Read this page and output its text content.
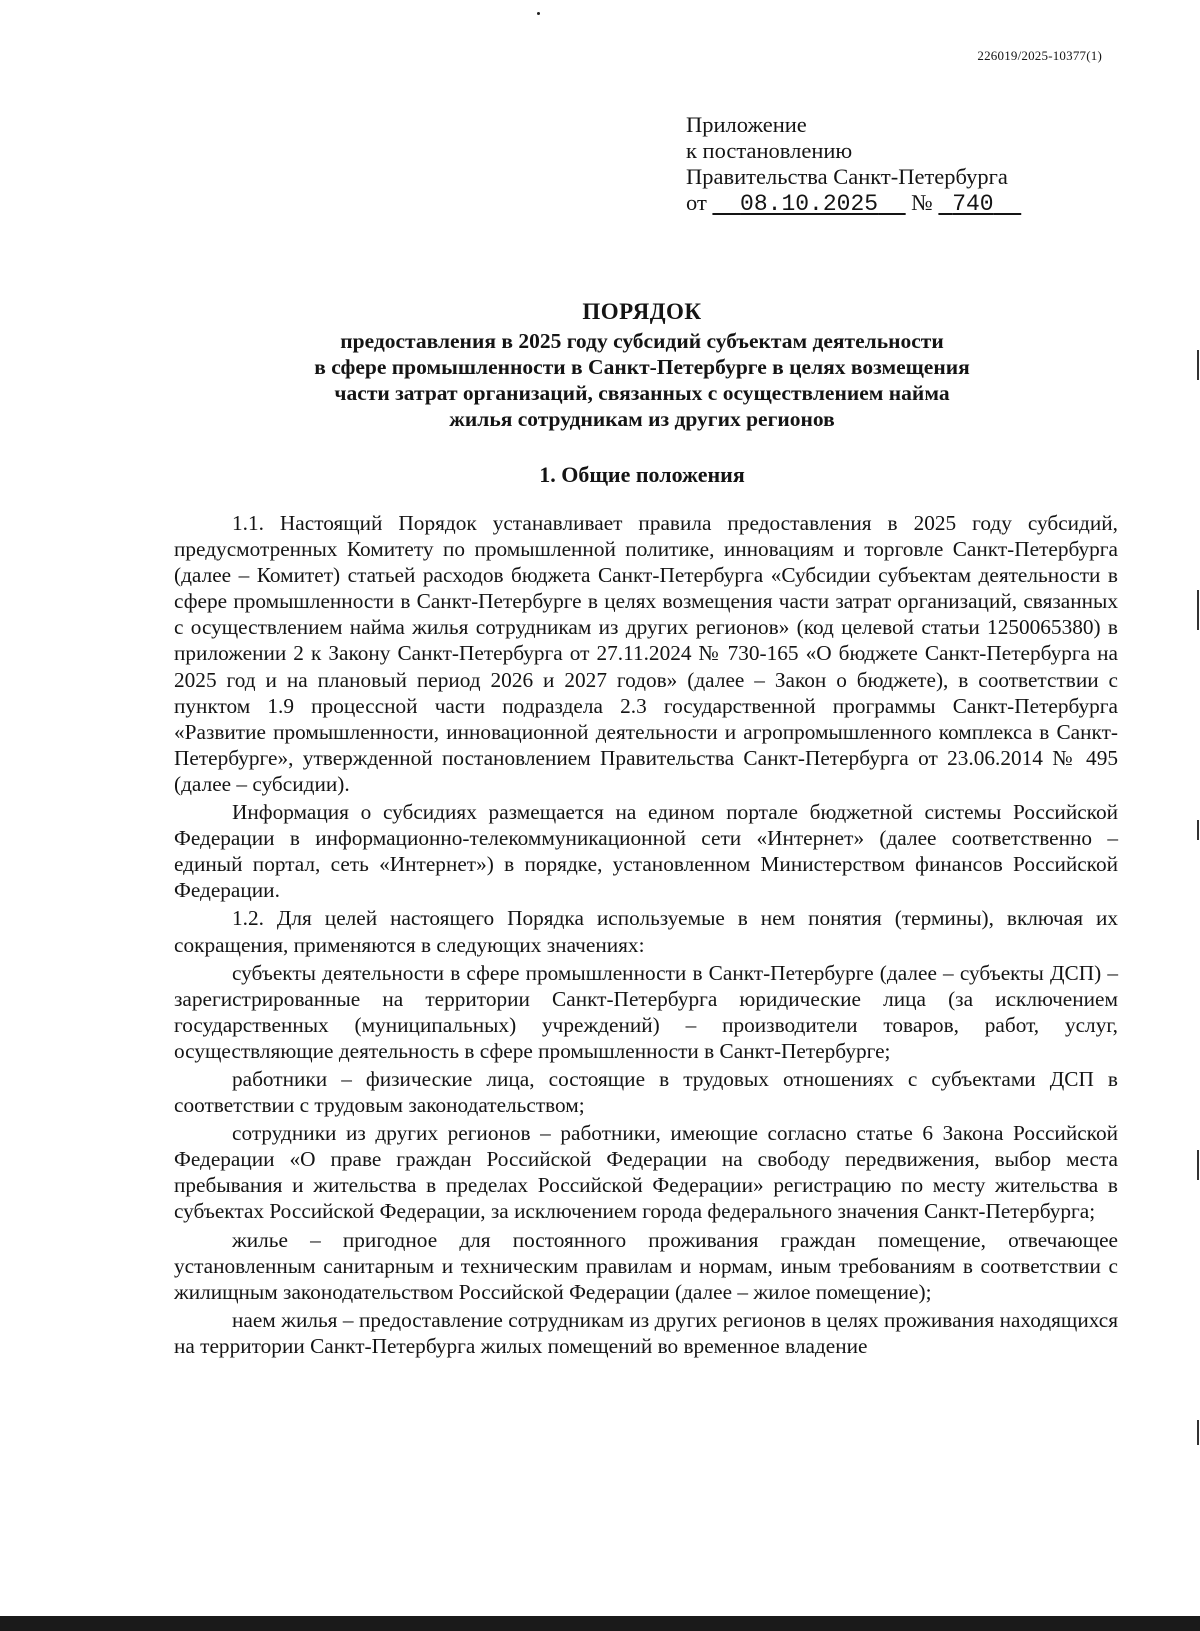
226019/2025-10377(1)
Приложение
к постановлению
Правительства Санкт-Петербурга
от 08.10.2025 № 740
ПОРЯДОК
предоставления в 2025 году субсидий субъектам деятельности
в сфере промышленности в Санкт-Петербурге в целях возмещения
части затрат организаций, связанных с осуществлением найма
жилья сотрудникам из других регионов
1. Общие положения

1.1. Настоящий Порядок устанавливает правила предоставления в 2025 году субсидий, предусмотренных Комитету по промышленной политике, инновациям и торговле Санкт-Петербурга (далее – Комитет) статьей расходов бюджета Санкт-Петербурга «Субсидии субъектам деятельности в сфере промышленности в Санкт-Петербурге в целях возмещения части затрат организаций, связанных с осуществлением найма жилья сотрудникам из других регионов» (код целевой статьи 1250065380) в приложении 2 к Закону Санкт-Петербурга от 27.11.2024 № 730-165 «О бюджете Санкт-Петербурга на 2025 год и на плановый период 2026 и 2027 годов» (далее – Закон о бюджете), в соответствии с пунктом 1.9 процессной части подраздела 2.3 государственной программы Санкт-Петербурга «Развитие промышленности, инновационной деятельности и агропромышленного комплекса в Санкт-Петербурге», утвержденной постановлением Правительства Санкт-Петербурга от 23.06.2014 № 495 (далее – субсидии).

Информация о субсидиях размещается на едином портале бюджетной системы Российской Федерации в информационно-телекоммуникационной сети «Интернет» (далее соответственно – единый портал, сеть «Интернет») в порядке, установленном Министерством финансов Российской Федерации.

1.2. Для целей настоящего Порядка используемые в нем понятия (термины), включая их сокращения, применяются в следующих значениях:

субъекты деятельности в сфере промышленности в Санкт-Петербурге (далее – субъекты ДСП) – зарегистрированные на территории Санкт-Петербурга юридические лица (за исключением государственных (муниципальных) учреждений) – производители товаров, работ, услуг, осуществляющие деятельность в сфере промышленности в Санкт-Петербурге;

работники – физические лица, состоящие в трудовых отношениях с субъектами ДСП в соответствии с трудовым законодательством;

сотрудники из других регионов – работники, имеющие согласно статье 6 Закона Российской Федерации «О праве граждан Российской Федерации на свободу передвижения, выбор места пребывания и жительства в пределах Российской Федерации» регистрацию по месту жительства в субъектах Российской Федерации, за исключением города федерального значения Санкт-Петербурга;

жилье – пригодное для постоянного проживания граждан помещение, отвечающее установленным санитарным и техническим правилам и нормам, иным требованиям в соответствии с жилищным законодательством Российской Федерации (далее – жилое помещение);

наем жилья – предоставление сотрудникам из других регионов в целях проживания находящихся на территории Санкт-Петербурга жилых помещений во временное владение
